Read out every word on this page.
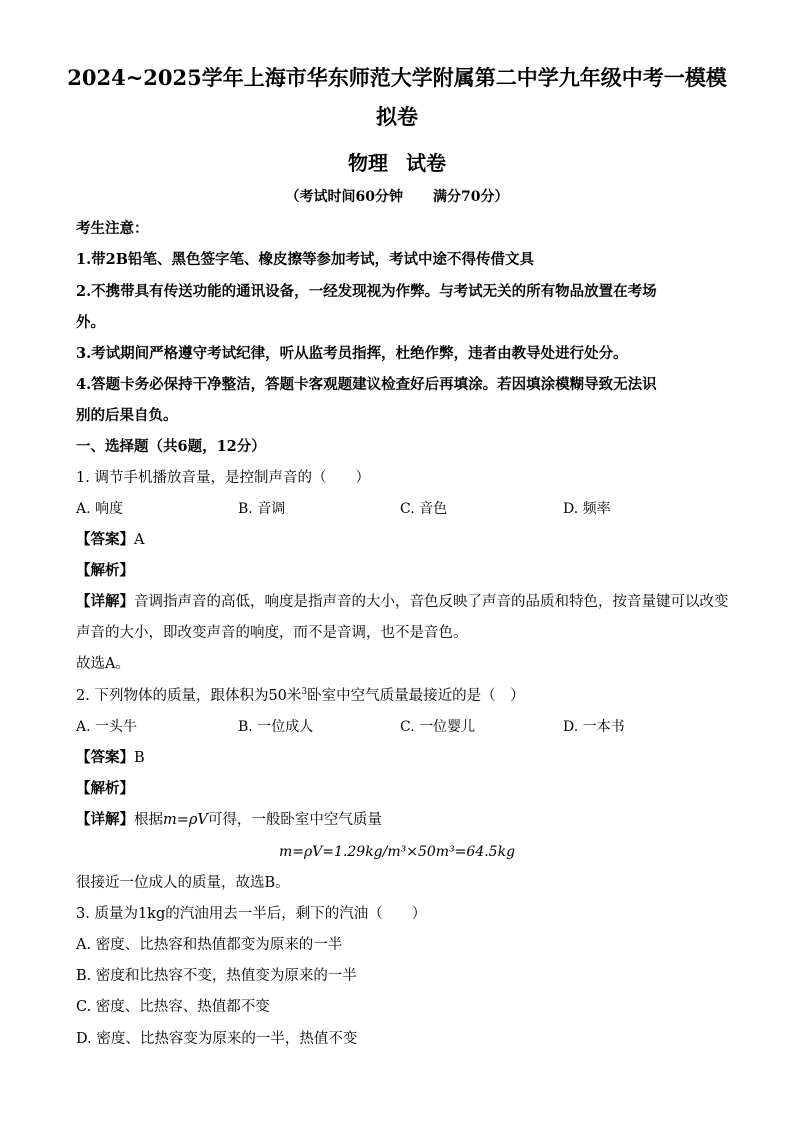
2024~2025学年上海市华东师范大学附属第二中学九年级中考一模模
拟卷
物理 试卷
（考试时间60分钟 满分70分）
考生注意：
1.带2B铅笔、黑色签字笔、橡皮擦等参加考试，考试中途不得传借文具
2.不携带具有传送功能的通讯设备，一经发现视为作弊。与考试无关的所有物品放置在考场
外。
3.考试期间严格遵守考试纪律，听从监考员指挥，杜绝作弊，违者由教导处进行处分。
4.答题卡务必保持干净整洁，答题卡客观题建议检查好后再填涂。若因填涂模糊导致无法识
别的后果自负。
一、选择题（共6题，12分）
1. 调节手机播放音量，是控制声音的（　　）
A. 响度	B. 音调	C. 音色	D. 频率
【答案】A
【解析】
【详解】音调指声音的高低，响度是指声音的大小，音色反映了声音的品质和特色，按音量键可以改变
声音的大小，即改变声音的响度，而不是音调，也不是音色。
故选A。
2. 下列物体的质量，跟体积为50米$^3$卧室中空气质量最接近的是（　）
A. 一头牛	B. 一位成人	C. 一位婴儿	D. 一本书
【答案】B
【解析】
【详解】根据m=ρV可得，一般卧室中空气质量
m=ρV=1.29kg/m³×50m³=64.5kg
很接近一位成人的质量，故选B。
3. 质量为1kg的汽油用去一半后，剩下的汽油（　　）
A. 密度、比热容和热值都变为原来的一半
B. 密度和比热容不变，热值变为原来的一半
C. 密度、比热容、热值都不变
D. 密度、比热容变为原来的一半，热值不变
